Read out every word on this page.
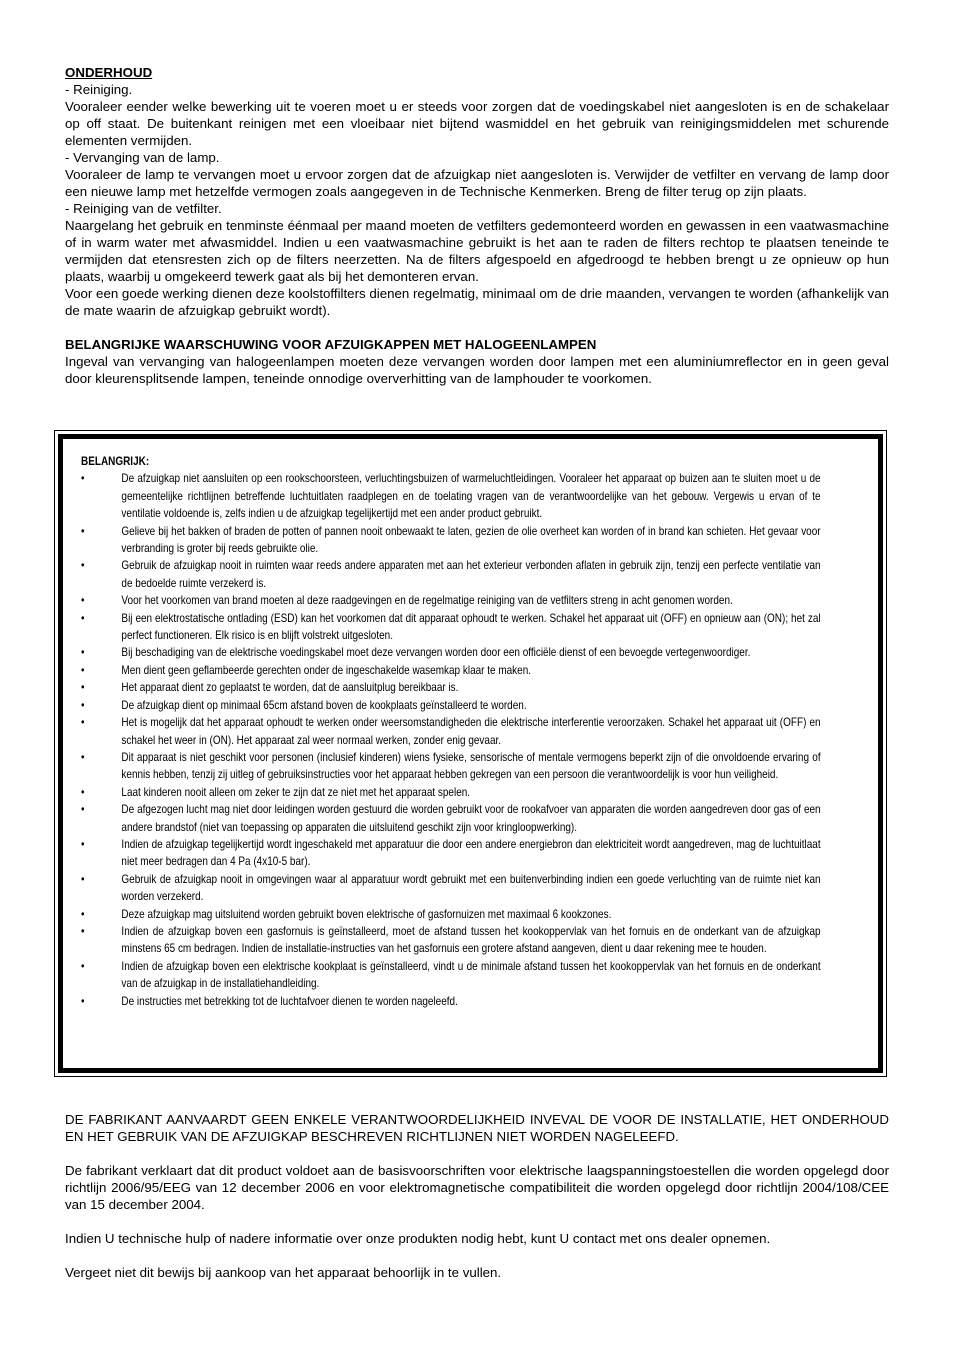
ONDERHOUD

- Reiniging.

Vooraleer eender welke bewerking uit te voeren moet u er steeds voor zorgen dat de voedingskabel niet aangesloten is en de schakelaar op off staat. De buitenkant reinigen met een vloeibaar niet bijtend wasmiddel en het gebruik van reinigingsmiddelen met schurende elementen vermijden.

- Vervanging van de lamp.

Vooraleer de lamp te vervangen moet u ervoor zorgen dat de afzuigkap niet aangesloten is. Verwijder de vetfilter en vervang de lamp door een nieuwe lamp met hetzelfde vermogen zoals aangegeven in de Technische Kenmerken. Breng de filter terug op zijn plaats.

- Reiniging van de vetfilter.

Naargelang het gebruik en tenminste éénmaal per maand moeten de vetfilters gedemonteerd worden en gewassen in een vaatwasmachine of in warm water met afwasmiddel. Indien u een vaatwasmachine gebruikt is het aan te raden de filters rechtop te plaatsen teneinde te vermijden dat etensresten zich op de filters neerzetten. Na de filters afgespoeld en afgedroogd te hebben brengt u ze opnieuw op hun plaats, waarbij u omgekeerd tewerk gaat als bij het demonteren ervan.

Voor een goede werking dienen deze koolstoffilters dienen regelmatig, minimaal om de drie maanden, vervangen te worden (afhankelijk van de mate waarin de afzuigkap gebruikt wordt).

BELANGRIJKE WAARSCHUWING VOOR AFZUIGKAPPEN MET HALOGEENLAMPEN

Ingeval van vervanging van halogeenlampen moeten deze vervangen worden door lampen met een aluminiumreflector en in geen geval door kleurensplitsende lampen, teneinde onnodige oververhitting van de lamphouder te voorkomen.

BELANGRIJK:

•	De afzuigkap niet aansluiten op een rookschoorsteen, verluchtingsbuizen of warmeluchtleidingen. Vooraleer het apparaat op buizen aan te sluiten moet u de gemeentelijke richtlijnen betreffende luchtuitlaten raadplegen en de toelating vragen van de verantwoordelijke van het gebouw. Vergewis u ervan of te ventilatie voldoende is, zelfs indien u de afzuigkap tegelijkertijd met een ander product gebruikt.
•	Gelieve bij het bakken of braden de potten of pannen nooit onbewaakt te laten, gezien de olie overheet kan worden of in brand kan schieten. Het gevaar voor verbranding is groter bij reeds gebruikte olie.
•	Gebruik de afzuigkap nooit in ruimten waar reeds andere apparaten met aan het exterieur verbonden aflaten in gebruik zijn, tenzij een perfecte ventilatie van de bedoelde ruimte verzekerd is.
•	Voor het voorkomen van brand moeten al deze raadgevingen en de regelmatige reiniging van de vetfilters streng in acht genomen worden.
•	Bij een elektrostatische ontlading (ESD) kan het voorkomen dat dit apparaat ophoudt te werken. Schakel het apparaat uit (OFF) en opnieuw aan (ON); het zal perfect functioneren. Elk risico is en blijft volstrekt uitgesloten.
•	Bij beschadiging van de elektrische voedingskabel moet deze vervangen worden door een officiële dienst of een bevoegde vertegenwoordiger.
•	Men dient geen geflambeerde gerechten onder de ingeschakelde wasemkap klaar te maken.
•	Het apparaat dient zo geplaatst te worden, dat de aansluitplug bereikbaar is.
•	De afzuigkap dient op minimaal 65cm afstand boven de kookplaats geïnstalleerd te worden.
•	Het is mogelijk dat het apparaat ophoudt te werken onder weersomstandigheden die elektrische interferentie veroorzaken. Schakel het apparaat uit (OFF) en schakel het weer in (ON). Het apparaat zal weer normaal werken, zonder enig gevaar.
•	Dit apparaat is niet geschikt voor personen (inclusief kinderen) wiens fysieke, sensorische of mentale vermogens beperkt zijn of die onvoldoende ervaring of kennis hebben, tenzij zij uitleg of gebruiksinstructies voor het apparaat hebben gekregen van een persoon die verantwoordelijk is voor hun veiligheid.
•	Laat kinderen nooit alleen om zeker te zijn dat ze niet met het apparaat spelen.
•	De afgezogen lucht mag niet door leidingen worden gestuurd die worden gebruikt voor de rookafvoer van apparaten die worden aangedreven door gas of een andere brandstof (niet van toepassing op apparaten die uitsluitend geschikt zijn voor kringloopwerking).
•	Indien de afzuigkap tegelijkertijd wordt ingeschakeld met apparatuur die door een andere energiebron dan elektriciteit wordt aangedreven, mag de luchtuitlaat niet meer bedragen dan 4 Pa (4x10-5 bar).
•	Gebruik de afzuigkap nooit in omgevingen waar al apparatuur wordt gebruikt met een buitenverbinding indien een goede verluchting van de ruimte niet kan worden verzekerd.
•	Deze afzuigkap mag uitsluitend worden gebruikt boven elektrische of gasfornuizen met maximaal 6 kookzones.
•	Indien de afzuigkap boven een gasfornuis is geïnstalleerd, moet de afstand tussen het kookoppervlak van het fornuis en de onderkant van de afzuigkap minstens 65 cm bedragen. Indien de installatie-instructies van het gasfornuis een grotere afstand aangeven, dient u daar rekening mee te houden.
•	Indien de afzuigkap boven een elektrische kookplaat is geïnstalleerd, vindt u de minimale afstand tussen het kookoppervlak van het fornuis en de onderkant van de afzuigkap in de installatiehandleiding.
•	De instructies met betrekking tot de luchtafvoer dienen te worden nageleefd.

DE FABRIKANT AANVAARDT GEEN ENKELE VERANTWOORDELIJKHEID INVEVAL DE VOOR DE INSTALLATIE, HET ONDERHOUD EN HET GEBRUIK VAN DE AFZUIGKAP BESCHREVEN RICHTLIJNEN NIET WORDEN NAGELEEFD.

De fabrikant verklaart dat dit product voldoet aan de basisvoorschriften voor elektrische laagspanningstoestellen die worden opgelegd door richtlijn 2006/95/EEG van 12 december 2006 en voor elektromagnetische compatibiliteit die worden opgelegd door richtlijn 2004/108/CEE van 15 december 2004.

Indien U technische hulp of nadere informatie over onze produkten nodig hebt, kunt U contact met ons dealer opnemen.

Vergeet niet dit bewijs bij aankoop van het apparaat behoorlijk in te vullen.
